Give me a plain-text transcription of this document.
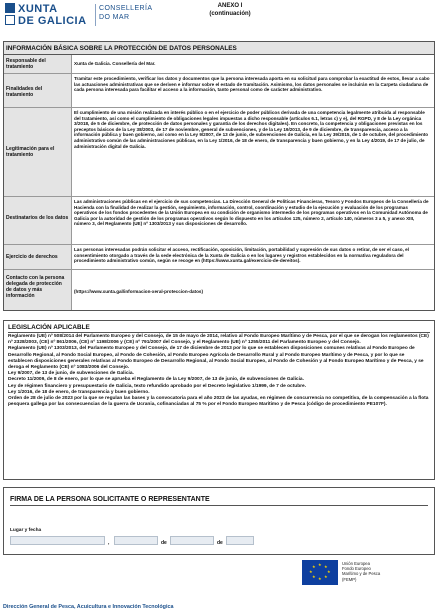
XUNTA
DE GALICIA
CONSELLERÍA
DO MAR
ANEXO I
(continuación)
INFORMACIÓN BÁSICA SOBRE LA PROTECCIÓN DE DATOS PERSONALES
Responsable del tratamiento
Xunta de Galicia. Consellería del Mar.
Finalidades del tratamiento
Tramitar este procedimiento, verificar los datos y documentos que la persona interesada aporta en su solicitud para comprobar la exactitud de estos, llevar a cabo las actuaciones administrativas que se deriven e informar sobre el estado de tramitación. Asimismo, los datos personales se incluirán en la Carpeta ciudadana de cada persona interesada para facilitar el acceso a la información, tanto personal como de carácter administrativo.
Legitimación para el tratamiento
El cumplimiento de una misión realizada en interés público o en el ejercicio de poder públicos derivada de una competencia legalmente atribuida al responsable del tratamiento, así como el cumplimiento de obligaciones legales impuestas a dicho responsable (artículos 6.1, letras c) y e), del RGPD, y 8 de la Ley orgánica 3/2018, de 5 de diciembre, de protección de datos personales y garantía de los derechos digitales). En concreto, la competencia y obligaciones previstas en los preceptos básicos de la Ley 38/2003, de 17 de noviembre, general de subvenciones, y de la Ley 19/2013, de 9 de diciembre, de transparencia, acceso a la información pública y buen gobierno, así como en la Ley 9/2007, de 13 de junio, de subvenciones de Galicia, en la Ley 39/2015, de 1 de octubre, del procedimiento administrativo común de las administraciones públicas, en la Ley 1/2016, de 18 de enero, de transparencia y buen gobierno, y en la Ley 4/2019, de 17 de julio, de administración digital de Galicia.
Destinatarios de los datos
Las administraciones públicas en el ejercicio de sus competencias. La Dirección General de Políticas Financieras, Tesoro y Fondos Europeos de la Consellería de Hacienda con la finalidad de realizar la gestión, seguimiento, información, control, coordinación y estudio de la ejecución y evaluación de los programas operativos de los fondos procedentes de la Unión Europea en su condición de organismo intermedio de los programas operativos en la Comunidad Autónoma de Galicia por la autoridad de gestión de los programas operativos según lo dispuesto en los artículos 125, número 2, artículo 140, números 3 a 5, y anexo XIII, número 3, del Reglamento (UE) nº 1303/2013 y sus disposiciones de desarrollo.
Ejercicio de derechos
Las personas interesadas podrán solicitar el acceso, rectificación, oposición, limitación, portabilidad y supresión de sus datos o retirar, de ser el caso, el consentimiento otorgado a través de la sede electrónica de la Xunta de Galicia o en los lugares y registros establecidos en la normativa reguladora del procedimiento administrativo común, según se recoge en (https://www.xunta.gal/exercicio-de-dereitos).
Contacto con la persona delegada de protección de datos y más información
(https://www.xunta.gal/informacion-xeral-proteccion-datos)
LEGISLACIÓN APLICABLE

Reglamento (UE) nº 508/2014 del Parlamento Europeo y del Consejo, de 15 de mayo de 2014, relativo al Fondo Europeo Marítimo y de Pesca, por el que se derogan los reglamentos (CE) nº 2328/2003, (CE) nº 861/2006, (CE) nº 1198/2006 y (CE) nº 791/2007 del Consejo, y el Reglamento (UE) nº 1255/2011 del Parlamento Europeo y del Consejo.

Reglamento (UE) nº 1303/2013, del Parlamento Europeo y del Consejo, de 17 de diciembre de 2013 por lo que se establecen disposiciones comunes relativas al Fondo Europeo de Desarrollo Regional, al Fondo Social Europeo, al Fondo de Cohesión, al Fondo Europeo Agrícola de Desarrollo Rural y al Fondo Europeo Marítimo y de Pesca, y por lo que se establecen disposiciones generales relativas al Fondo Europeo de Desarrollo Regional, al Fondo Social Europeo, al Fondo de Cohesión y al Fondo Europeo Marítimo y de Pesca, y se deroga el Reglamento (CE) nº 1083/2006 del Consejo.

Ley 9/2007, de 13 de junio, de subvenciones de Galicia.

Decreto 11/2009, de 8 de enero, por lo que se aprueba el Reglamento de la Ley 9/2007, de 13 de junio, de subvenciones de Galicia.

Ley de régimen financiero y presupuestario de Galicia, texto refundido aprobado por el Decreto legislativo 1/1999, de 7 de octubre.

Ley 1/2016, de 18 de enero, de transparencia y buen gobierno.

Orden de 28 de julio de 2023 por la que se regulan las bases y la convocatoria para el año 2023 de las ayudas, en régimen de concurrencia no competitiva, de la compensación a la flota pesquera gallega por las consecuencias de la guerra de Ucrania, cofinanciadas al 75 % por el Fondo Europeo Marítimo y de Pesca (código de procedimiento PE107F).

FIRMA DE LA PERSONA SOLICITANTE O REPRESENTANTE
Lugar y fecha
,	de	de
★ ★
★
★
★
★
★
★
Unión Europea
Fondo Europeo
Marítimo y de Pesca
(FEMP)
Dirección General de Pesca, Acuicultura e Innovación Tecnológica
